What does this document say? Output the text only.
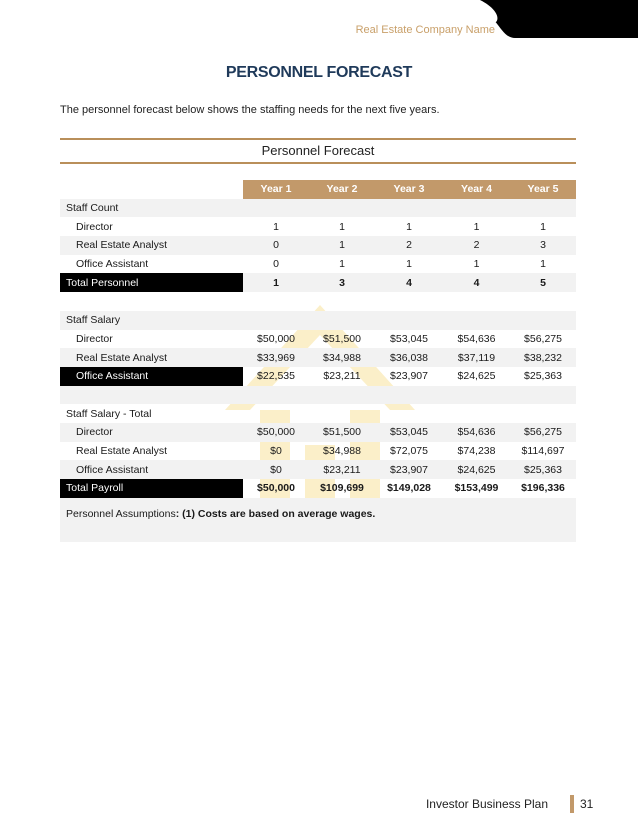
Real Estate Company Name
PERSONNEL FORECAST
The personnel forecast below shows the staffing needs for the next five years.
Personnel Forecast
	Year 1	Year 2	Year 3	Year 4	Year 5
Staff Count					
Director	1	1	1	1	1
Real Estate Analyst	0	1	2	2	3
Office Assistant	0	1	1	1	1
Total Personnel	1	3	4	4	5

Staff Salary					
Director	$50,000	$51,500	$53,045	$54,636	$56,275
Real Estate Analyst	$33,969	$34,988	$36,038	$37,119	$38,232
Office Assistant	$22,535	$23,211	$23,907	$24,625	$25,363

Staff Salary - Total					
Director	$50,000	$51,500	$53,045	$54,636	$56,275
Real Estate Analyst	$0	$34,988	$72,075	$74,238	$114,697
Office Assistant	$0	$23,211	$23,907	$24,625	$25,363
Total Payroll	$50,000	$109,699	$149,028	$153,499	$196,336
Personnel Assumptions: (1) Costs are based on average wages.
Investor Business Plan	31
